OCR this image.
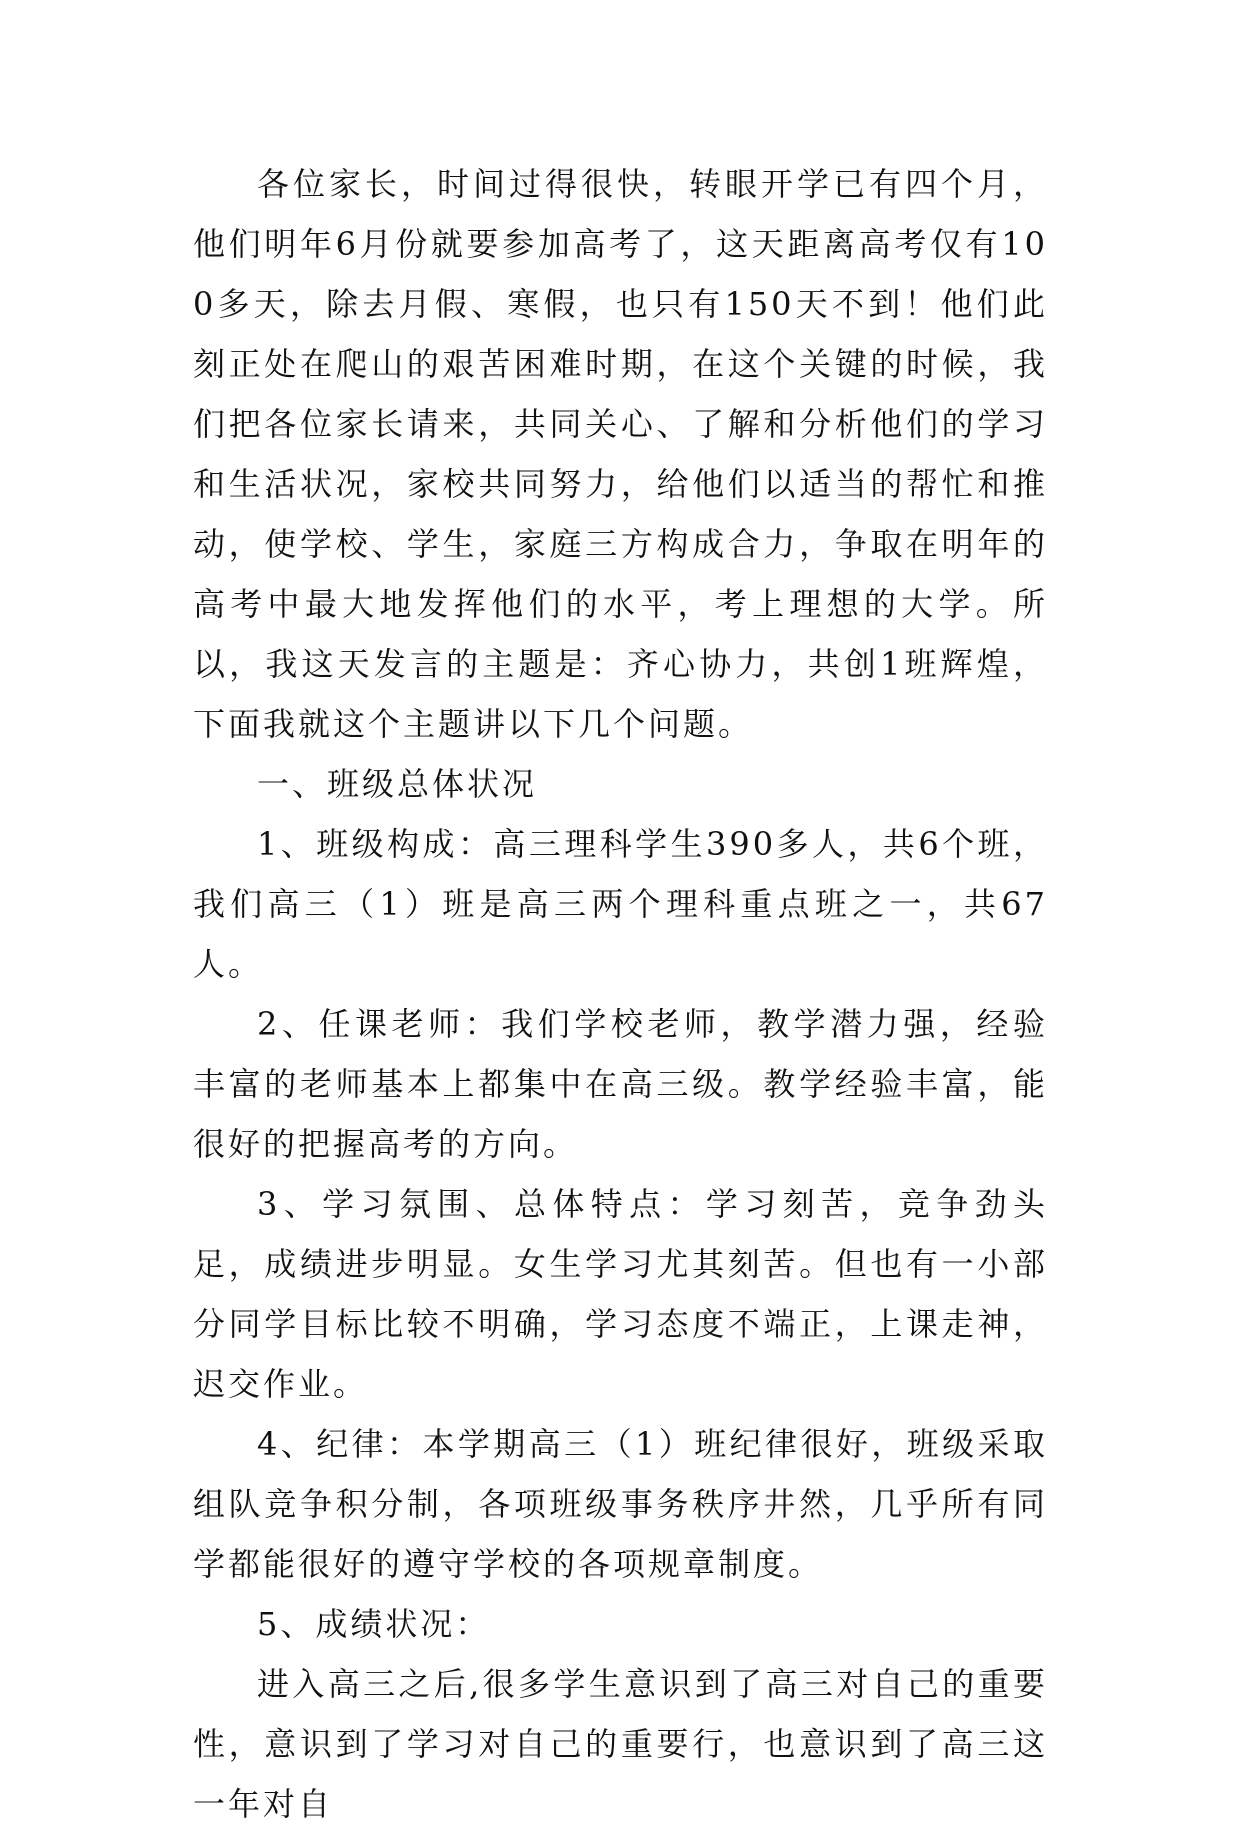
各位家长，时间过得很快，转眼开学已有四个月，他们明年6月份就要参加高考了，这天距离高考仅有100多天，除去月假、寒假，也只有150天不到！他们此刻正处在爬山的艰苦困难时期，在这个关键的时候，我们把各位家长请来，共同关心、了解和分析他们的学习和生活状况，家校共同努力，给他们以适当的帮忙和推动，使学校、学生，家庭三方构成合力，争取在明年的高考中最大地发挥他们的水平，考上理想的大学。所以，我这天发言的主题是：齐心协力，共创1班辉煌，下面我就这个主题讲以下几个问题。

一、班级总体状况

1、班级构成：高三理科学生390多人，共6个班，我们高三（1）班是高三两个理科重点班之一，共67人。

2、任课老师：我们学校老师，教学潜力强，经验丰富的老师基本上都集中在高三级。教学经验丰富，能很好的把握高考的方向。

3、学习氛围、总体特点：学习刻苦，竞争劲头足，成绩进步明显。女生学习尤其刻苦。但也有一小部分同学目标比较不明确，学习态度不端正，上课走神，迟交作业。

4、纪律：本学期高三（1）班纪律很好，班级采取组队竞争积分制，各项班级事务秩序井然，几乎所有同学都能很好的遵守学校的各项规章制度。

5、成绩状况：

进入高三之后,很多学生意识到了高三对自己的重要性，意识到了学习对自己的重要行，也意识到了高三这一年对自
